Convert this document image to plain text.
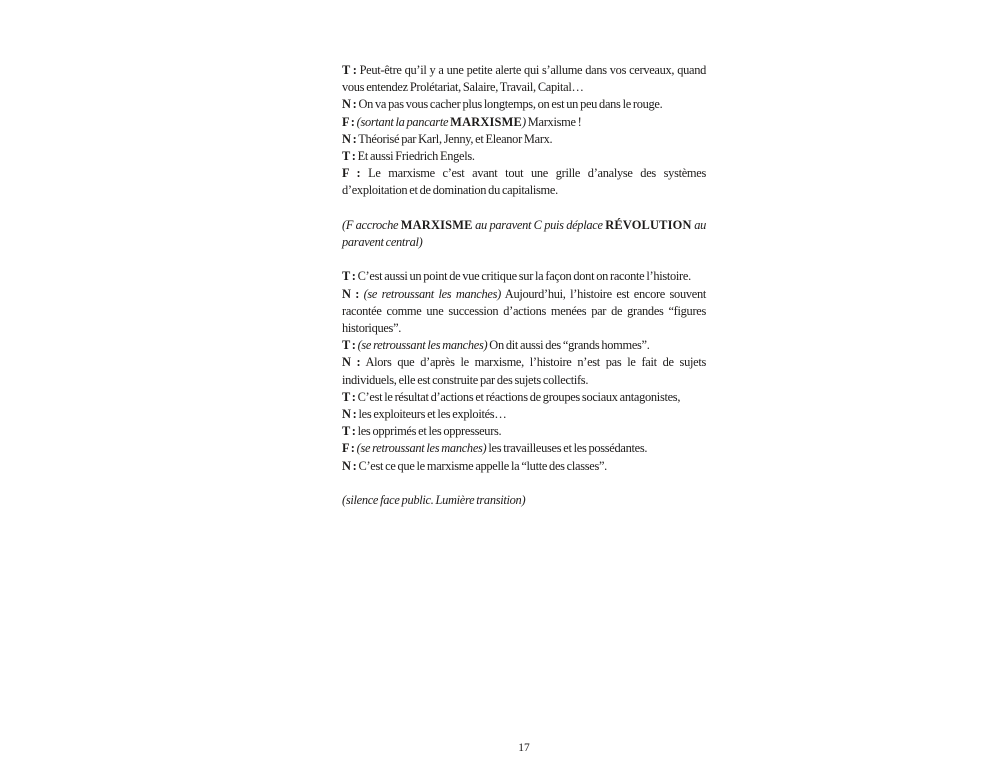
T : Peut-être qu’il y a une petite alerte qui s’allume dans vos cerveaux, quand vous entendez Prolétariat, Salaire, Travail, Capital…

N : On va pas vous cacher plus longtemps, on est un peu dans le rouge.

F : (sortant la pancarte MARXISME) Marxisme !

N : Théorisé par Karl, Jenny, et Eleanor Marx.

T : Et aussi Friedrich Engels.

F : Le marxisme c’est avant tout une grille d’analyse des systèmes d’exploitation et de domination du capitalisme.

(F accroche MARXISME au paravent C puis déplace RÉVOLUTION au paravent central)

T : C’est aussi un point de vue critique sur la façon dont on raconte l’histoire.

N : (se retroussant les manches) Aujourd’hui, l’histoire est encore souvent racontée comme une succession d’actions menées par de grandes “figures historiques”.

T : (se retroussant les manches) On dit aussi des “grands hommes”.

N : Alors que d’après le marxisme, l’histoire n’est pas le fait de sujets individuels, elle est construite par des sujets collectifs.

T : C’est le résultat d’actions et réactions de groupes sociaux antagonistes,

N : les exploiteurs et les exploités…

T : les opprimés et les oppresseurs.

F : (se retroussant les manches) les travailleuses et les possédantes.

N : C’est ce que le marxisme appelle la “lutte des classes”.

(silence face public. Lumière transition)

17
